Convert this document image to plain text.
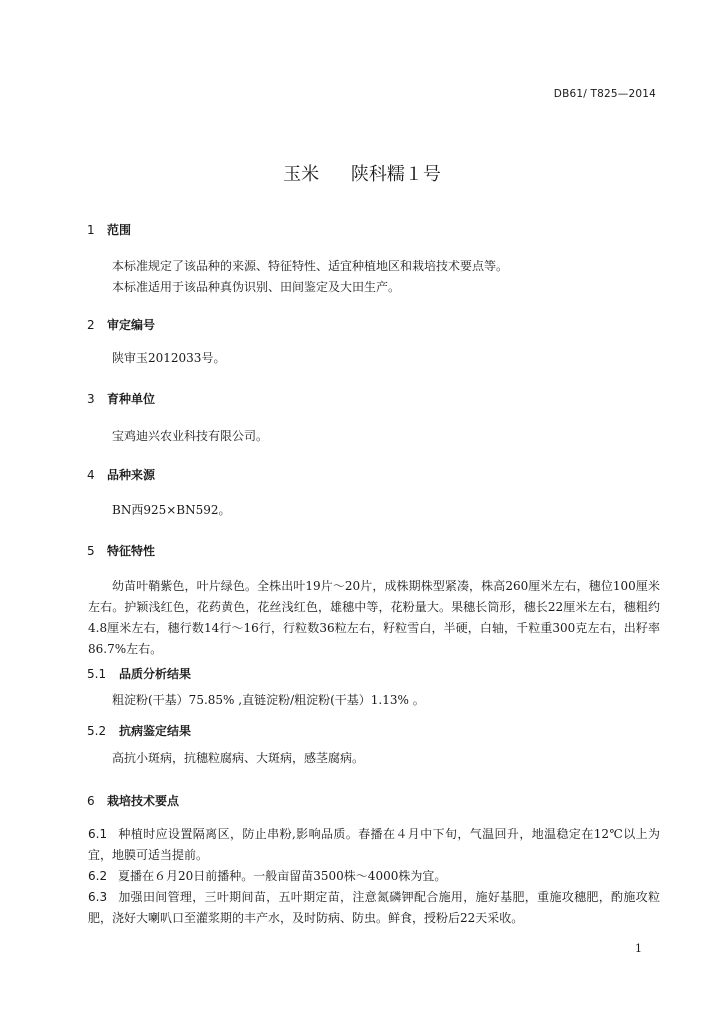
DB61/ T825—2014
玉米　 陕科糯１号
1 范围
本标准规定了该品种的来源、特征特性、适宜种植地区和栽培技术要点等。
本标准适用于该品种真伪识别、田间鉴定及大田生产。
2 审定编号
陕审玉2012033号。
3 育种单位
宝鸡迪兴农业科技有限公司。
4 品种来源
BN西925×BN592。
5 特征特性
幼苗叶鞘紫色，叶片绿色。全株出叶19片～20片，成株期株型紧凑，株高260厘米左右，穗位100厘米左右。护颖浅红色，花药黄色，花丝浅红色，雄穗中等，花粉量大。果穗长筒形，穗长22厘米左右，穗粗约4.8厘米左右，穗行数14行～16行，行粒数36粒左右，籽粒雪白，半硬，白轴，千粒重300克左右，出籽率86.7%左右。
5.1 品质分析结果
粗淀粉(干基）75.85% ,直链淀粉/粗淀粉(干基）1.13% 。
5.2 抗病鉴定结果
高抗小斑病，抗穗粒腐病、大斑病，感茎腐病。
6 栽培技术要点
6.1 种植时应设置隔离区，防止串粉,影响品质。春播在４月中下旬，气温回升，地温稳定在12℃以上为宜，地膜可适当提前。
6.2 夏播在６月20日前播种。一般亩留苗3500株～4000株为宜。
6.3 加强田间管理，三叶期间苗，五叶期定苗，注意氮磷钾配合施用，施好基肥，重施攻穗肥，酌施攻粒肥，浇好大喇叭口至灌浆期的丰产水，及时防病、防虫。鲜食，授粉后22天采收。
1
